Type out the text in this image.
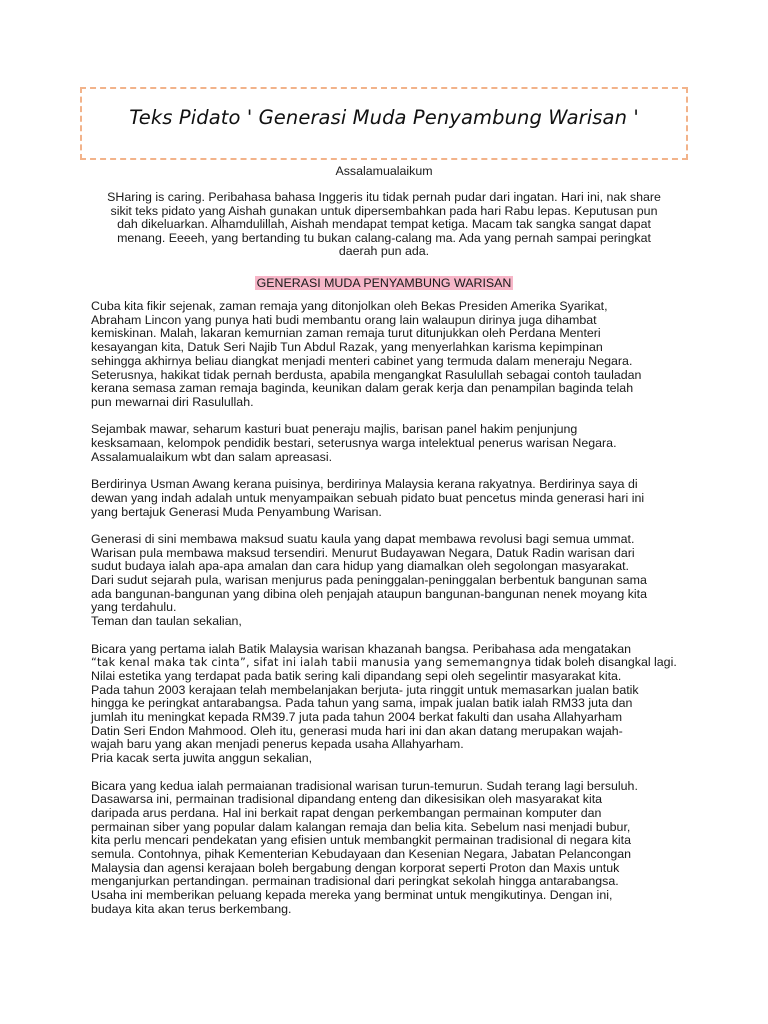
Teks Pidato ' Generasi Muda Penyambung Warisan '
Assalamualaikum
SHaring is caring. Peribahasa bahasa Inggeris itu tidak pernah pudar dari ingatan. Hari ini, nak share
sikit teks pidato yang Aishah gunakan untuk dipersembahkan pada hari Rabu lepas. Keputusan pun
dah dikeluarkan. Alhamdulillah, Aishah mendapat tempat ketiga. Macam tak sangka sangat dapat
menang. Eeeeh, yang bertanding tu bukan calang-calang ma. Ada yang pernah sampai peringkat
daerah pun ada.
GENERASI MUDA PENYAMBUNG WARISAN

Cuba kita fikir sejenak, zaman remaja yang ditonjolkan oleh Bekas Presiden Amerika Syarikat,
Abraham Lincon yang punya hati budi membantu orang lain walaupun dirinya juga dihambat
kemiskinan. Malah, lakaran kemurnian zaman remaja turut ditunjukkan oleh Perdana Menteri
kesayangan kita, Datuk Seri Najib Tun Abdul Razak, yang menyerlahkan karisma kepimpinan
sehingga akhirnya beliau diangkat menjadi menteri cabinet yang termuda dalam meneraju Negara.
Seterusnya, hakikat tidak pernah berdusta, apabila mengangkat Rasulullah sebagai contoh tauladan
kerana semasa zaman remaja baginda, keunikan dalam gerak kerja dan penampilan baginda telah
pun mewarnai diri Rasulullah.

Sejambak mawar, seharum kasturi buat peneraju majlis, barisan panel hakim penjunjung
kesksamaan, kelompok pendidik bestari, seterusnya warga intelektual penerus warisan Negara.
Assalamualaikum wbt dan salam apreasasi.

Berdirinya Usman Awang kerana puisinya, berdirinya Malaysia kerana rakyatnya. Berdirinya saya di
dewan yang indah adalah untuk menyampaikan sebuah pidato buat pencetus minda generasi hari ini
yang bertajuk Generasi Muda Penyambung Warisan.

Generasi di sini membawa maksud suatu kaula yang dapat membawa revolusi bagi semua ummat.
Warisan pula membawa maksud tersendiri. Menurut Budayawan Negara, Datuk Radin warisan dari
sudut budaya ialah apa-apa amalan dan cara hidup yang diamalkan oleh segolongan masyarakat.
Dari sudut sejarah pula, warisan menjurus pada peninggalan-peninggalan berbentuk bangunan sama
ada bangunan-bangunan yang dibina oleh penjajah ataupun bangunan-bangunan nenek moyang kita
yang terdahulu.
Teman dan taulan sekalian,

Bicara yang pertama ialah Batik Malaysia warisan khazanah bangsa. Peribahasa ada mengatakan
“tak kenal maka tak cinta”, sifat ini ialah tabii manusia yang sememangnya tidak boleh disangkal lagi.
Nilai estetika yang terdapat pada batik sering kali dipandang sepi oleh segelintir masyarakat kita.
Pada tahun 2003 kerajaan telah membelanjakan berjuta- juta ringgit untuk memasarkan jualan batik
hingga ke peringkat antarabangsa. Pada tahun yang sama, impak jualan batik ialah RM33 juta dan
jumlah itu meningkat kepada RM39.7 juta pada tahun 2004 berkat fakulti dan usaha Allahyarham
Datin Seri Endon Mahmood. Oleh itu, generasi muda hari ini dan akan datang merupakan wajah-
wajah baru yang akan menjadi penerus kepada usaha Allahyarham.
Pria kacak serta juwita anggun sekalian,

Bicara yang kedua ialah permaianan tradisional warisan turun-temurun. Sudah terang lagi bersuluh.
Dasawarsa ini, permainan tradisional dipandang enteng dan dikesisikan oleh masyarakat kita
daripada arus perdana. Hal ini berkait rapat dengan perkembangan permainan komputer dan
permainan siber yang popular dalam kalangan remaja dan belia kita. Sebelum nasi menjadi bubur,
kita perlu mencari pendekatan yang efisien untuk membangkit permainan tradisional di negara kita
semula. Contohnya, pihak Kementerian Kebudayaan dan Kesenian Negara, Jabatan Pelancongan
Malaysia dan agensi kerajaan boleh bergabung dengan korporat seperti Proton dan Maxis untuk
menganjurkan pertandingan. permainan tradisional dari peringkat sekolah hingga antarabangsa.
Usaha ini memberikan peluang kepada mereka yang berminat untuk mengikutinya. Dengan ini,
budaya kita akan terus berkembang.
